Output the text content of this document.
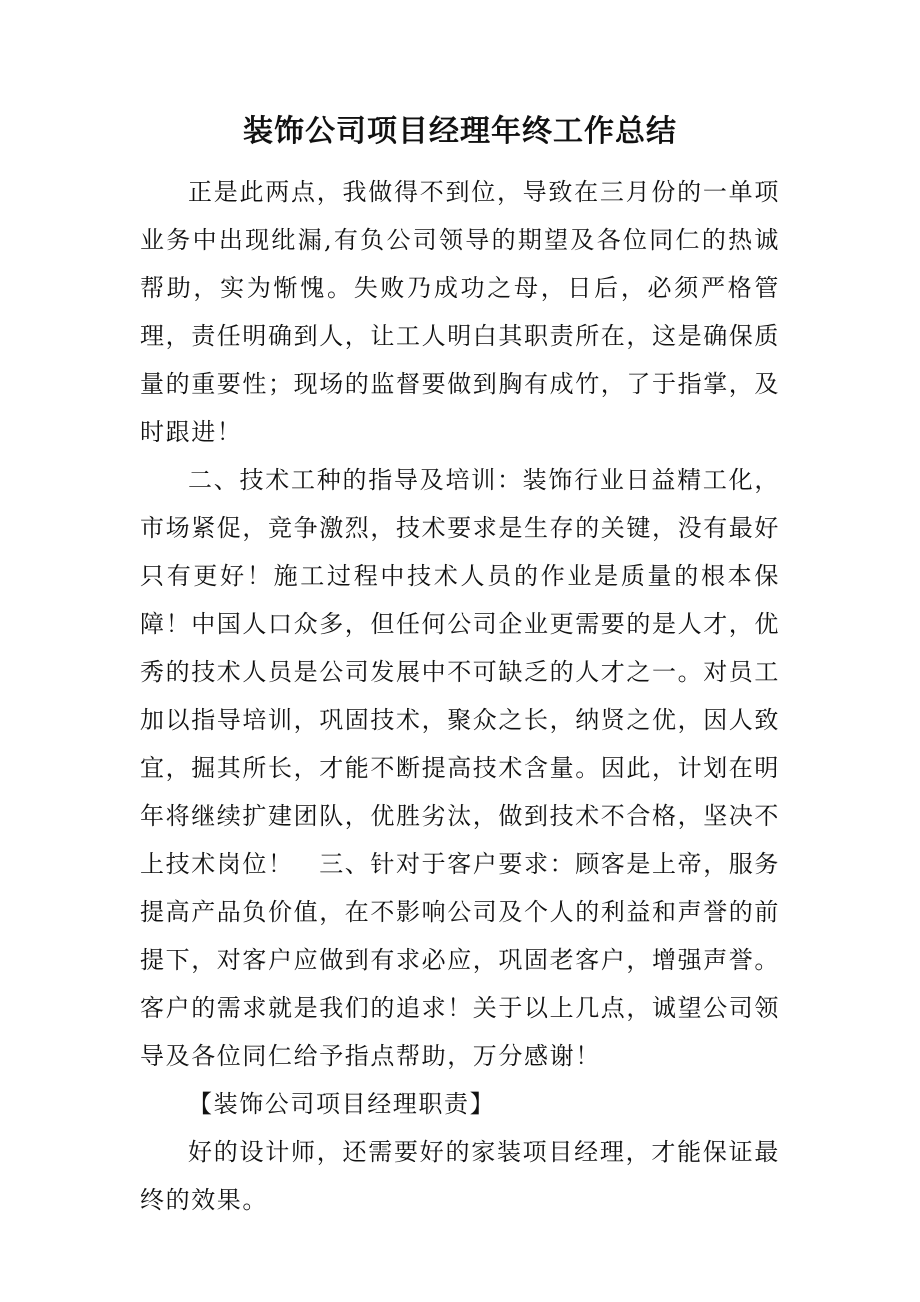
装饰公司项目经理年终工作总结

正是此两点，我做得不到位，导致在三月份的一单项业务中出现纰漏,有负公司领导的期望及各位同仁的热诚帮助，实为惭愧。失败乃成功之母，日后，必须严格管理，责任明确到人，让工人明白其职责所在，这是确保质量的重要性；现场的监督要做到胸有成竹，了于指掌，及时跟进！

二、技术工种的指导及培训：装饰行业日益精工化，市场紧促，竞争激烈，技术要求是生存的关键，没有最好只有更好！施工过程中技术人员的作业是质量的根本保障！中国人口众多，但任何公司企业更需要的是人才，优秀的技术人员是公司发展中不可缺乏的人才之一。对员工加以指导培训，巩固技术，聚众之长，纳贤之优，因人致宜，掘其所长，才能不断提高技术含量。因此，计划在明年将继续扩建团队，优胜劣汰，做到技术不合格，坚决不上技术岗位！　三、针对于客户要求：顾客是上帝，服务提高产品负价值，在不影响公司及个人的利益和声誉的前提下，对客户应做到有求必应，巩固老客户，增强声誉。客户的需求就是我们的追求！关于以上几点，诚望公司领导及各位同仁给予指点帮助，万分感谢！

【装饰公司项目经理职责】

好的设计师，还需要好的家装项目经理，才能保证最终的效果。
